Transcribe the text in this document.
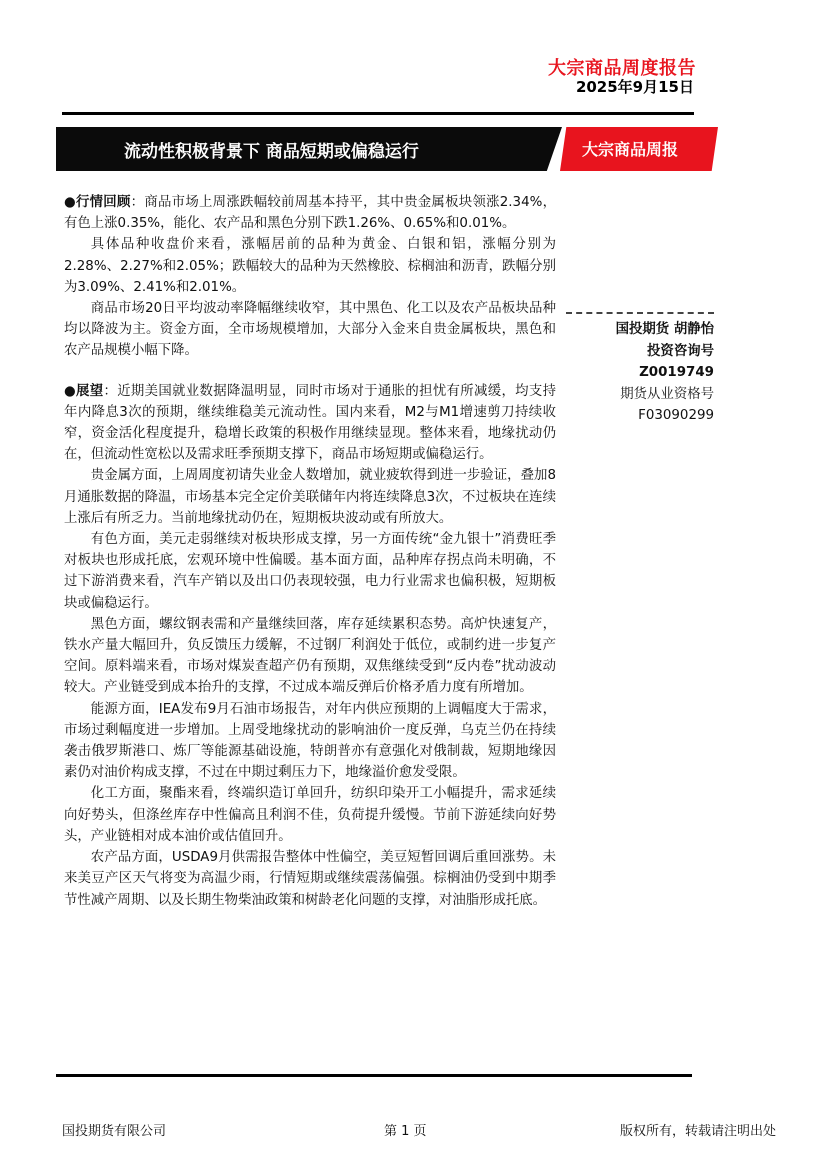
大宗商品周度报告
2025年9月15日
流动性积极背景下 商品短期或偏稳运行	大宗商品周报

●行情回顾：商品市场上周涨跌幅较前周基本持平，其中贵金属板块领涨2.34%，有色上涨0.35%，能化、农产品和黑色分别下跌1.26%、0.65%和0.01%。

具体品种收盘价来看，涨幅居前的品种为黄金、白银和铝，涨幅分别为2.28%、2.27%和2.05%；跌幅较大的品种为天然橡胶、棕榈油和沥青，跌幅分别为3.09%、2.41%和2.01%。

商品市场20日平均波动率降幅继续收窄，其中黑色、化工以及农产品板块品种均以降波为主。资金方面，全市场规模增加，大部分入金来自贵金属板块，黑色和农产品规模小幅下降。

●展望：近期美国就业数据降温明显，同时市场对于通胀的担忧有所减缓，均支持年内降息3次的预期，继续维稳美元流动性。国内来看，M2与M1增速剪刀持续收窄，资金活化程度提升，稳增长政策的积极作用继续显现。整体来看，地缘扰动仍在，但流动性宽松以及需求旺季预期支撑下，商品市场短期或偏稳运行。

贵金属方面，上周周度初请失业金人数增加，就业疲软得到进一步验证，叠加8月通胀数据的降温，市场基本完全定价美联储年内将连续降息3次，不过板块在连续上涨后有所乏力。当前地缘扰动仍在，短期板块波动或有所放大。

有色方面，美元走弱继续对板块形成支撑，另一方面传统“金九银十”消费旺季对板块也形成托底，宏观环境中性偏暖。基本面方面，品种库存拐点尚未明确，不过下游消费来看，汽车产销以及出口仍表现较强，电力行业需求也偏积极，短期板块或偏稳运行。

黑色方面，螺纹钢表需和产量继续回落，库存延续累积态势。高炉快速复产，铁水产量大幅回升，负反馈压力缓解，不过钢厂利润处于低位，或制约进一步复产空间。原料端来看，市场对煤炭查超产仍有预期，双焦继续受到“反内卷”扰动波动较大。产业链受到成本抬升的支撑，不过成本端反弹后价格矛盾力度有所增加。

能源方面，IEA发布9月石油市场报告，对年内供应预期的上调幅度大于需求，市场过剩幅度进一步增加。上周受地缘扰动的影响油价一度反弹，乌克兰仍在持续袭击俄罗斯港口、炼厂等能源基础设施，特朗普亦有意强化对俄制裁，短期地缘因素仍对油价构成支撑，不过在中期过剩压力下，地缘溢价愈发受限。

化工方面，聚酯来看，终端织造订单回升，纺织印染开工小幅提升，需求延续向好势头，但涤丝库存中性偏高且利润不佳，负荷提升缓慢。节前下游延续向好势头，产业链相对成本油价或估值回升。

农产品方面，USDA9月供需报告整体中性偏空，美豆短暂回调后重回涨势。未来美豆产区天气将变为高温少雨，行情短期或继续震荡偏强。棕榈油仍受到中期季节性减产周期、以及长期生物柴油政策和树龄老化问题的支撑，对油脂形成托底。

国投期货 胡静怡
投资咨询号
Z0019749
期货从业资格号
F03090299
国投期货有限公司	第 1 页	版权所有，转载请注明出处
